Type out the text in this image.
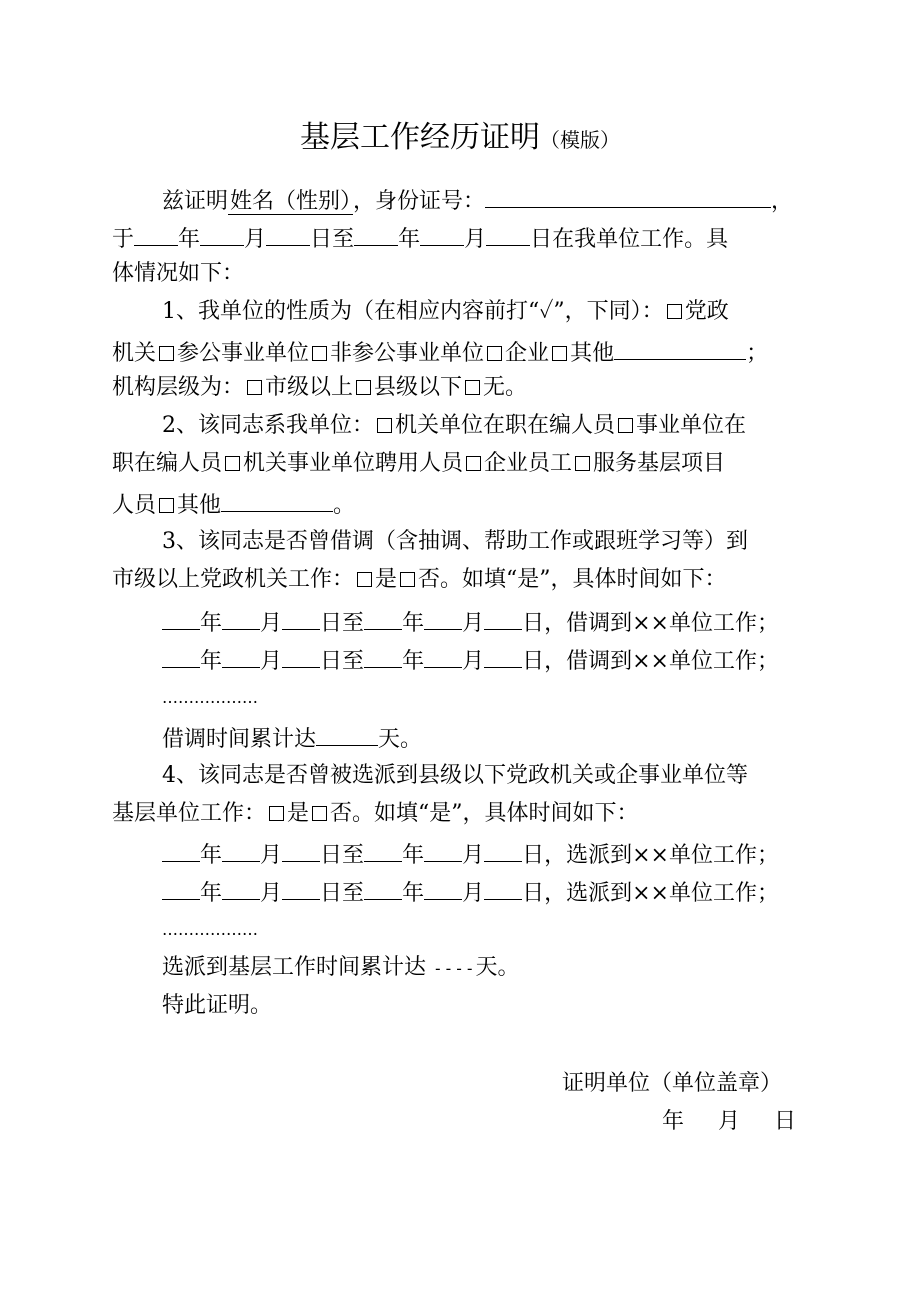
基层工作经历证明（模版）
兹证明姓名（性别），身份证号：	，
于 年 月 日至 年 月 日在我单位工作。具
体情况如下：
1、我单位的性质为（在相应内容前打“✓”，下同）： 党政
机关 参公事业单位 非参公事业单位 企业 其他	；
机构层级为： 市级以上 县级以下 无。
2、该同志系我单位： 机关单位在职在编人员 事业单位在
职在编人员 机关事业单位聘用人员 企业员工 服务基层项目
人员 其他	。
3、该同志是否曾借调（含抽调、帮助工作或跟班学习等）到
市级以上党政机关工作： 是 否。如填“是”，具体时间如下：
年 月 日至 年 月 日，借调到××单位工作；
年 月 日至 年 月 日，借调到××单位工作；
………………
借调时间累计达	天。
4、该同志是否曾被选派到县级以下党政机关或企事业单位等
基层单位工作： 是 否。如填“是”，具体时间如下：
年 月 日至 年 月 日，选派到××单位工作；
年 月 日至 年 月 日，选派到××单位工作；
………………
选派到基层工作时间累计达 ----天。
特此证明。
证明单位（单位盖章）
年 月 日
